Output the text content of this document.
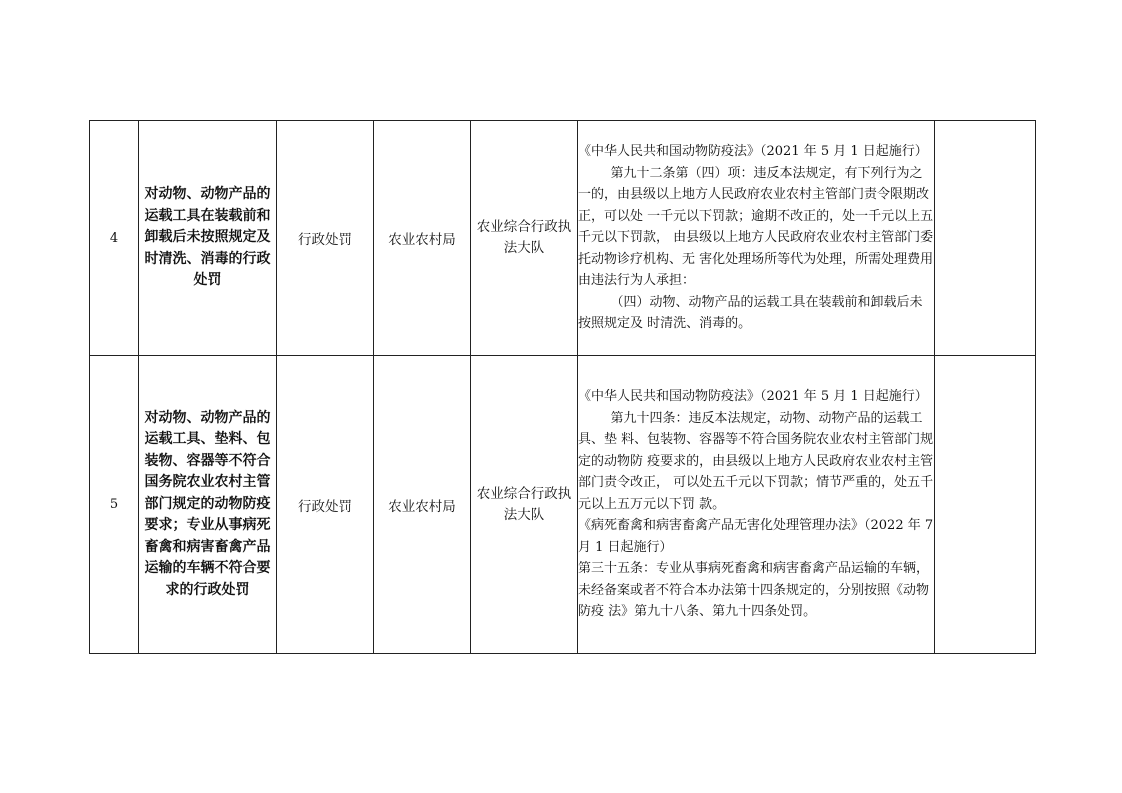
4	对动物、动物产品的运载工具在装载前和卸载后未按照规定及时清洗、消毒的行政处罚	行政处罚	农业农村局	农业综合行政执法大队	《中华人民共和国动物防疫法》（2021 年 5 月 1 日起施行）
第九十二条第（四）项：违反本法规定，有下列行为之一的，由县级以上地方人民政府农业农村主管部门责令限期改正，可以处 一千元以下罚款；逾期不改正的，处一千元以上五千元以下罚款， 由县级以上地方人民政府农业农村主管部门委托动物诊疗机构、无 害化处理场所等代为处理，所需处理费用由违法行为人承担：
（四）动物、动物产品的运载工具在装载前和卸载后未按照规定及 时清洗、消毒的。	

5	对动物、动物产品的运载工具、垫料、包装物、容器等不符合国务院农业农村主管部门规定的动物防疫要求；专业从事病死畜禽和病害畜禽产品运输的车辆不符合要求的行政处罚	行政处罚	农业农村局	农业综合行政执法大队	《中华人民共和国动物防疫法》（2021 年 5 月 1 日起施行）
第九十四条：违反本法规定，动物、动物产品的运载工具、垫 料、包装物、容器等不符合国务院农业农村主管部门规定的动物防 疫要求的，由县级以上地方人民政府农业农村主管部门责令改正， 可以处五千元以下罚款；情节严重的，处五千元以上五万元以下罚 款。
《病死畜禽和病害畜禽产品无害化处理管理办法》（2022 年 7 月 1 日起施行）
第三十五条：专业从事病死畜禽和病害畜禽产品运输的车辆， 未经备案或者不符合本办法第十四条规定的，分别按照《动物防疫 法》第九十八条、第九十四条处罚。	
